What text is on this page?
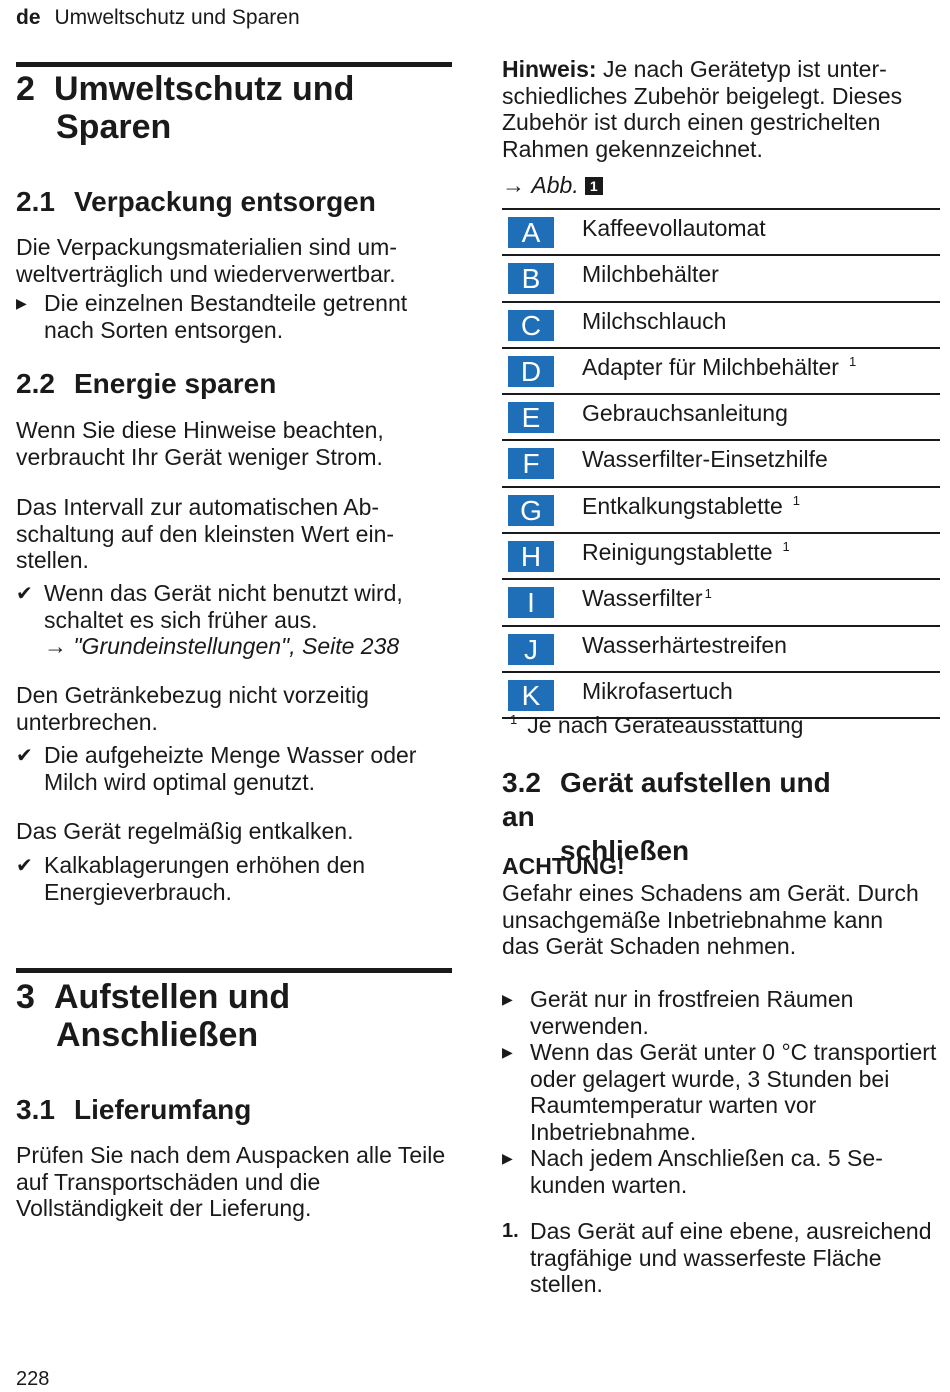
de Umweltschutz und Sparen
2 Umweltschutz und
Sparen
2.1 Verpackung entsorgen
Die Verpackungsmaterialien sind umweltverträglich und wiederverwertbar.
▶ Die einzelnen Bestandteile getrennt nach Sorten entsorgen.
2.2 Energie sparen
Wenn Sie diese Hinweise beachten, verbraucht Ihr Gerät weniger Strom.
Das Intervall zur automatischen Abschaltung auf den kleinsten Wert einstellen.
✔ Wenn das Gerät nicht benutzt wird, schaltet es sich früher aus.
→ "Grundeinstellungen", Seite 238
Den Getränkebezug nicht vorzeitig unterbrechen.
✔ Die aufgeheizte Menge Wasser oder Milch wird optimal genutzt.
Das Gerät regelmäßig entkalken.
✔ Kalkablagerungen erhöhen den Energieverbrauch.
3 Aufstellen und
Anschließen
3.1 Lieferumfang
Prüfen Sie nach dem Auspacken alle Teile auf Transportschäden und die Vollständigkeit der Lieferung.
Hinweis: Je nach Gerätetyp ist unterschiedliches Zubehör beigelegt. Dieses Zubehör ist durch einen gestrichelten Rahmen gekennzeichnet.
→ Abb. 1
A	Kaffeevollautomat
B	Milchbehälter
C	Milchschlauch
D	Adapter für Milchbehälter $^1$
E	Gebrauchsanleitung
F	Wasserfilter-Einsetzhilfe
G	Entkalkungstablette $^1$
H	Reinigungstablette $^1$
I	Wasserfilter $^1$
J	Wasserhärtestreifen
K	Mikrofasertuch
$^1$ Je nach Geräteausstattung
3.2 Gerät aufstellen und an
schließen
ACHTUNG!
Gefahr eines Schadens am Gerät. Durch unsachgemäße Inbetriebnahme kann das Gerät Schaden nehmen.
▶ Gerät nur in frostfreien Räumen verwenden.
▶ Wenn das Gerät unter 0 °C transportiert oder gelagert wurde, 3 Stunden bei Raumtemperatur warten vor Inbetriebnahme.
▶ Nach jedem Anschließen ca. 5 Sekunden warten.
1. Das Gerät auf eine ebene, ausreichend tragfähige und wasserfeste Fläche stellen.
228
